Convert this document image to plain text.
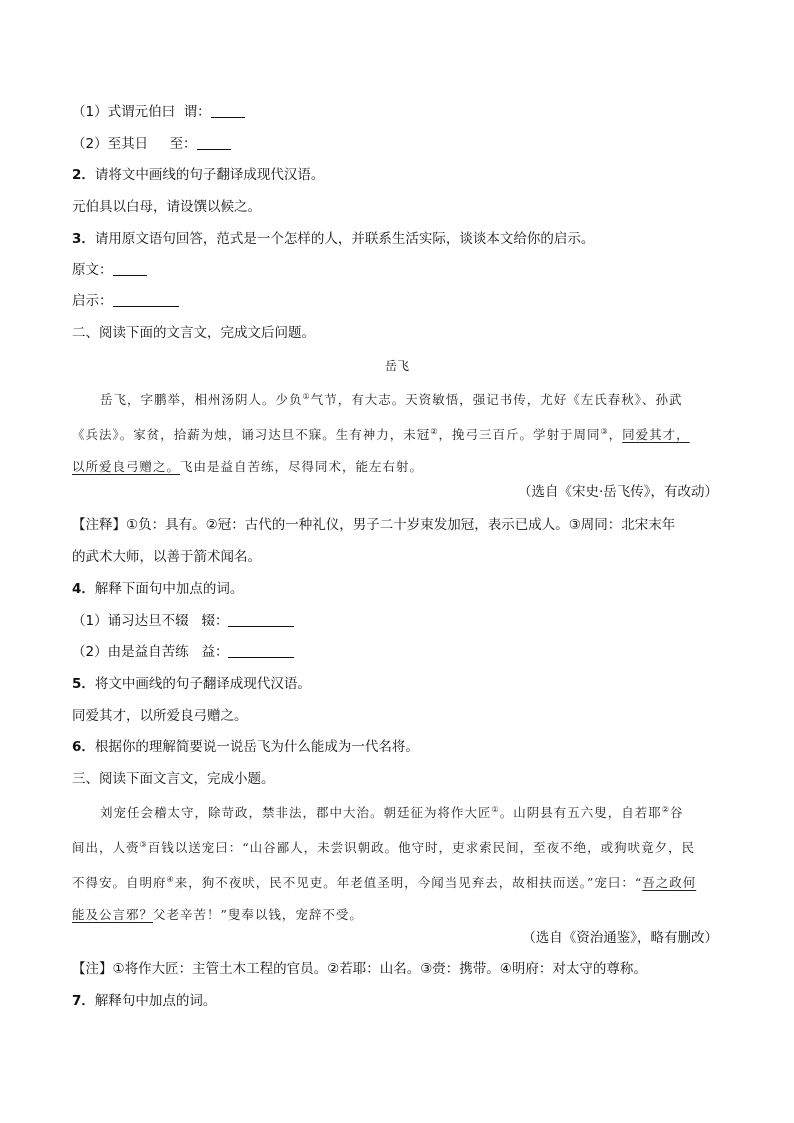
（1）式谓元伯曰 谓：
（2）至其日 至：
2．请将文中画线的句子翻译成现代汉语。
元伯具以白母，请设馔以候之。
3．请用原文语句回答，范式是一个怎样的人，并联系生活实际，谈谈本文给你的启示。
原文：
启示：
二、阅读下面的文言文，完成文后问题。
岳飞
岳飞，字鹏举，相州汤阴人。少负①气节，有大志。天资敏悟，强记书传，尤好《左氏春秋》、孙武
《兵法》。家贫，拾薪为烛，诵习达旦不寐。生有神力，未冠②，挽弓三百斤。学射于周同③，同爱其才，
以所爱良弓赠之。飞由是益自苦练，尽得同术，能左右射。
（选自《宋史·岳飞传》，有改动）
【注释】①负：具有。②冠：古代的一种礼仪，男子二十岁束发加冠，表示已成人。③周同：北宋末年
的武术大师，以善于箭术闻名。
4．解释下面句中加点的词。
（1）诵习达旦不辍 辍：
（2）由是益自苦练 益：
5．将文中画线的句子翻译成现代汉语。
同爱其才，以所爱良弓赠之。
6．根据你的理解简要说一说岳飞为什么能成为一代名将。
三、阅读下面文言文，完成小题。
刘宠任会稽太守，除苛政，禁非法，郡中大治。朝廷征为将作大匠①。山阴县有五六叟，自若耶②谷
间出，人赍③百钱以送宠曰：“山谷鄙人，未尝识朝政。他守时，吏求索民间，至夜不绝，或狗吠竟夕，民
不得安。自明府④来，狗不夜吠，民不见吏。年老值圣明，今闻当见弃去，故相扶而送。”宠曰：“吾之政何
能及公言邪？父老辛苦！”叟奉以钱，宠辞不受。
（选自《资治通鉴》，略有删改）
【注】①将作大匠：主管土木工程的官员。②若耶：山名。③赍：携带。④明府：对太守的尊称。
7．解释句中加点的词。
